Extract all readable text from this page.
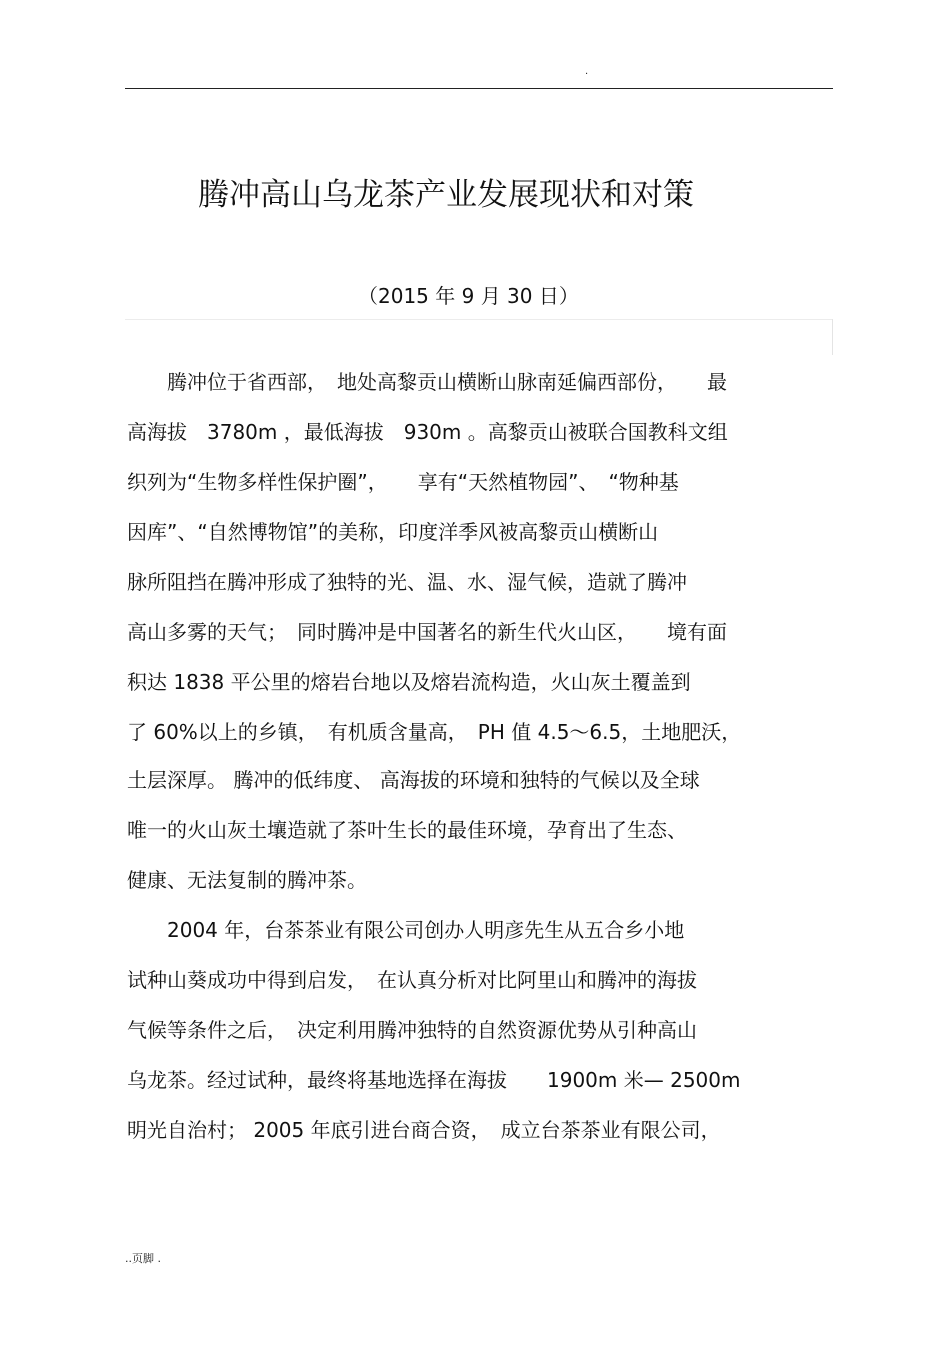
.
腾冲高山乌龙茶产业发展现状和对策
（2015 年 9 月 30 日）
　　腾冲位于省西部，　地处高黎贡山横断山脉南延偏西部份，　　最
高海拔　3780m ，最低海拔　930m 。高黎贡山被联合国教科文组
织列为“生物多样性保护圈”，　　享有“天然植物园”、　“物种基
因库”、“自然博物馆”的美称，印度洋季风被高黎贡山横断山
脉所阻挡在腾冲形成了独特的光、温、水、湿气候，造就了腾冲
高山多雾的天气；　同时腾冲是中国著名的新生代火山区，　　境有面
积达 1838 平公里的熔岩台地以及熔岩流构造，火山灰土覆盖到
了 60%以上的乡镇，　有机质含量高，　PH 值 4.5～6.5，土地肥沃，
土层深厚。 腾冲的低纬度、 高海拔的环境和独特的气候以及全球
唯一的火山灰土壤造就了茶叶生长的最佳环境，孕育出了生态、
健康、无法复制的腾冲茶。
　　2004 年，台茶茶业有限公司创办人明彦先生从五合乡小地
试种山葵成功中得到启发，　在认真分析对比阿里山和腾冲的海拔
气候等条件之后，　决定利用腾冲独特的自然资源优势从引种高山
乌龙茶。经过试种，最终将基地选择在海拔　　1900m 米— 2500m
明光自治村； 2005 年底引进台商合资，　成立台茶茶业有限公司，
..页脚 .
